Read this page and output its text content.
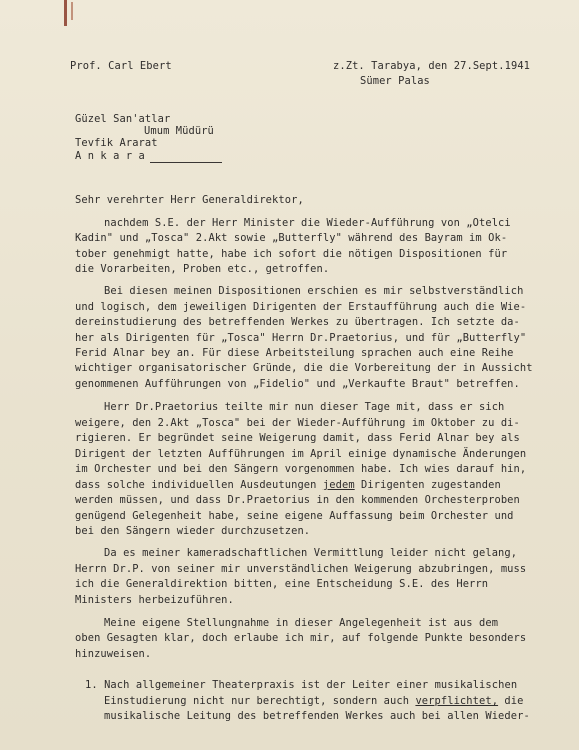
Prof. Carl Ebert	z.Zt. Tarabya, den 27.Sept.1941
Sümer Palas
Güzel San'atlar
Umum Müdürü
Tevfik Ararat
A n k a r a
Sehr verehrter Herr Generaldirektor,
nachdem S.E. der Herr Minister die Wieder-Aufführung von „Otelci
Kadin" und „Tosca" 2.Akt sowie „Butterfly" während des Bayram im Ok-
tober genehmigt hatte, habe ich sofort die nötigen Dispositionen für
die Vorarbeiten, Proben etc., getroffen.
Bei diesen meinen Dispositionen erschien es mir selbstverständlich
und logisch, dem jeweiligen Dirigenten der Erstaufführung auch die Wie-
dereinstudierung des betreffenden Werkes zu übertragen. Ich setzte da-
her als Dirigenten für „Tosca" Herrn Dr.Praetorius, und für „Butterfly"
Ferid Alnar bey an. Für diese Arbeitsteilung sprachen auch eine Reihe
wichtiger organisatorischer Gründe, die die Vorbereitung der in Aussicht
genommenen Aufführungen von „Fidelio" und „Verkaufte Braut" betreffen.
Herr Dr.Praetorius teilte mir nun dieser Tage mit, dass er sich
weigere, den 2.Akt „Tosca" bei der Wieder-Aufführung im Oktober zu di-
rigieren. Er begründet seine Weigerung damit, dass Ferid Alnar bey als
Dirigent der letzten Aufführungen im April einige dynamische Änderungen
im Orchester und bei den Sängern vorgenommen habe. Ich wies darauf hin,
dass solche individuellen Ausdeutungen jedem Dirigenten zugestanden
werden müssen, und dass Dr.Praetorius in den kommenden Orchesterproben
genügend Gelegenheit habe, seine eigene Auffassung beim Orchester und
bei den Sängern wieder durchzusetzen.
Da es meiner kameradschaftlichen Vermittlung leider nicht gelang,
Herrn Dr.P. von seiner mir unverständlichen Weigerung abzubringen, muss
ich die Generaldirektion bitten, eine Entscheidung S.E. des Herrn
Ministers herbeizuführen.
Meine eigene Stellungnahme in dieser Angelegenheit ist aus dem
oben Gesagten klar, doch erlaube ich mir, auf folgende Punkte besonders
hinzuweisen.
1. Nach allgemeiner Theaterpraxis ist der Leiter einer musikalischen
Einstudierung nicht nur berechtigt, sondern auch verpflichtet, die
musikalische Leitung des betreffenden Werkes auch bei allen Wieder-
